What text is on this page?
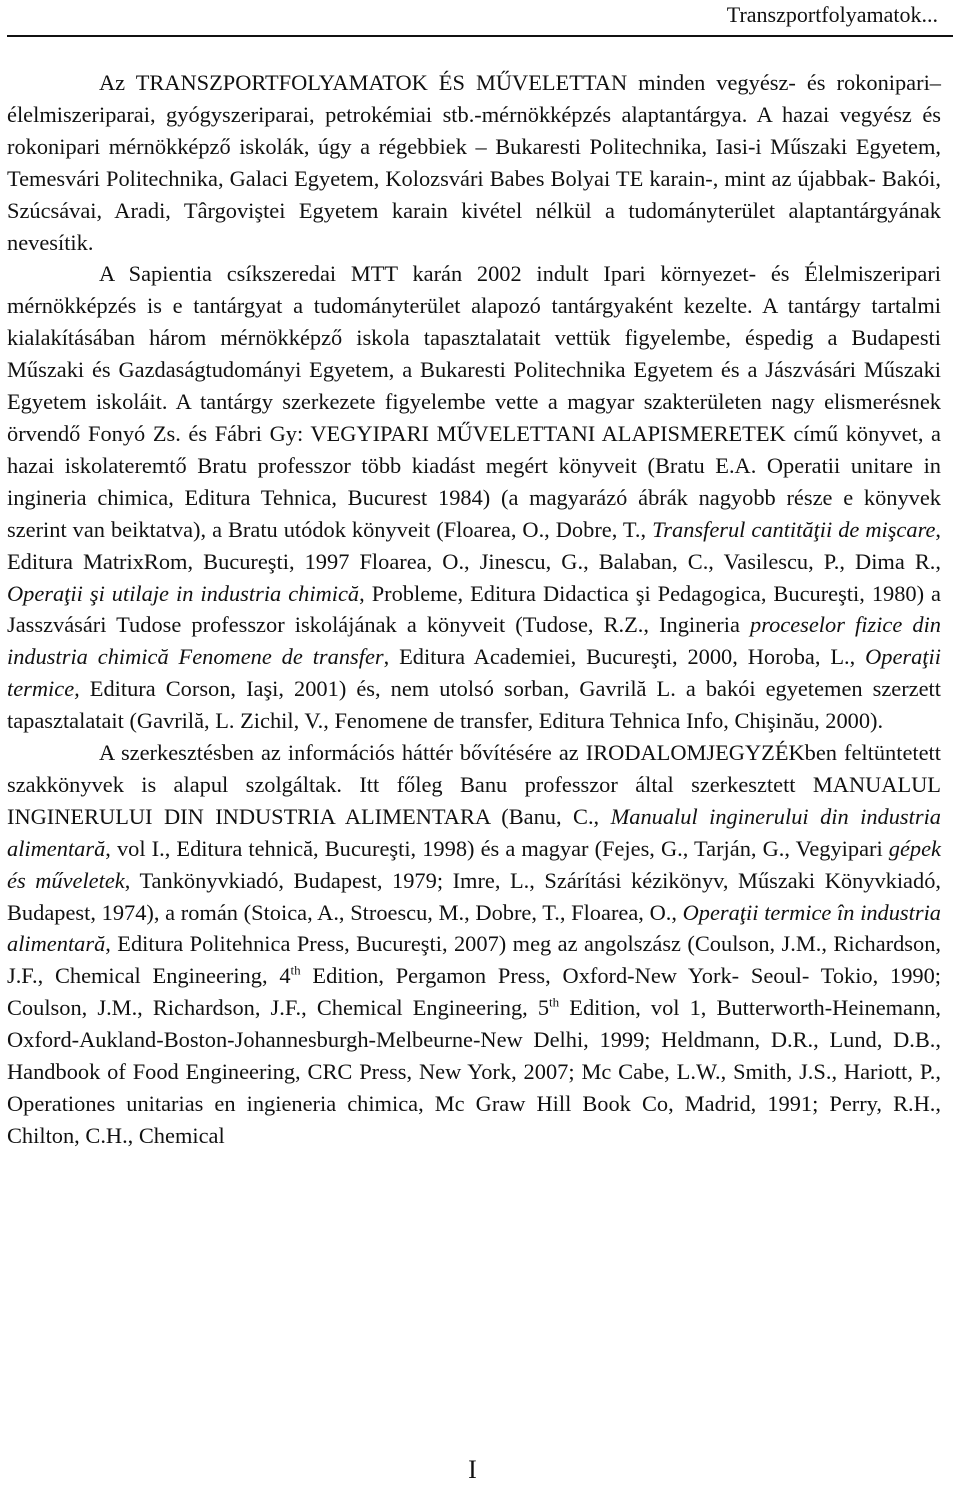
Transzportfolyamatok...

Az TRANSZPORTFOLYAMATOK ÉS MŰVELETTAN minden vegyész- és rokonipari– élelmiszeriparai, gyógyszeriparai, petrokémiai stb.-mérnökképzés alaptantárgya. A hazai vegyész és rokonipari mérnökképző iskolák, úgy a régebbiek – Bukaresti Politechnika, Iasi-i Műszaki Egyetem, Temesvári Politechnika, Galaci Egyetem, Kolozsvári Babes Bolyai TE karain-, mint az újabbak- Bakói, Szúcsávai, Aradi, Târgoviştei Egyetem karain kivétel nélkül a tudományterület alaptantárgyának nevesítik.

A Sapientia csíkszeredai MTT karán 2002 indult Ipari környezet- és Élelmiszeripari mérnökképzés is e tantárgyat a tudományterület alapozó tantárgyaként kezelte. A tantárgy tartalmi kialakításában három mérnökképző iskola tapasztalatait vettük figyelembe, éspedig a Budapesti Műszaki és Gazdaságtudományi Egyetem, a Bukaresti Politechnika Egyetem és a Jászvásári Műszaki Egyetem iskoláit. A tantárgy szerkezete figyelembe vette a magyar szakterületen nagy elismerésnek örvendő Fonyó Zs. és Fábri Gy: VEGYIPARI MŰVELETTANI ALAPISMERETEK című könyvet, a hazai iskolateremtő Bratu professzor több kiadást megért könyveit (Bratu E.A. Operatii unitare in ingineria chimica, Editura Tehnica, Bucurest 1984) (a magyarázó ábrák nagyobb része e könyvek szerint van beiktatva), a Bratu utódok könyveit (Floarea, O., Dobre, T., Transferul cantităţii de mişcare, Editura MatrixRom, Bucureşti, 1997 Floarea, O., Jinescu, G., Balaban, C., Vasilescu, P., Dima R., Operaţii şi utilaje in industria chimică, Probleme, Editura Didactica şi Pedagogica, Bucureşti, 1980) a Jasszvásári Tudose professzor iskolájának a könyveit (Tudose, R.Z., Ingineria proceselor fizice din industria chimică Fenomene de transfer, Editura Academiei, Bucureşti, 2000, Horoba, L., Operaţii termice, Editura Corson, Iaşi, 2001) és, nem utolsó sorban, Gavrilă L. a bakói egyetemen szerzett tapasztalatait (Gavrilă, L. Zichil, V., Fenomene de transfer, Editura Tehnica Info, Chişinău, 2000).

A szerkesztésben az információs háttér bővítésére az IRODALOMJEGYZÉKben feltüntetett szakkönyvek is alapul szolgáltak. Itt főleg Banu professzor által szerkesztett MANUALUL INGINERULUI DIN INDUSTRIA ALIMENTARA (Banu, C., Manualul inginerului din industria alimentară, vol I., Editura tehnică, Bucureşti, 1998) és a magyar (Fejes, G., Tarján, G., Vegyipari gépek és műveletek, Tankönyvkiadó, Budapest, 1979; Imre, L., Szárítási kézikönyv, Műszaki Könyvkiadó, Budapest, 1974), a román (Stoica, A., Stroescu, M., Dobre, T., Floarea, O., Operaţii termice în industria alimentară, Editura Politehnica Press, Bucureşti, 2007) meg az angolszász (Coulson, J.M., Richardson, J.F., Chemical Engineering, 4th Edition, Pergamon Press, Oxford-New York- Seoul- Tokio, 1990; Coulson, J.M., Richardson, J.F., Chemical Engineering, 5th Edition, vol 1, Butterworth-Heinemann, Oxford-Aukland-Boston-Johannesburgh-Melbeurne-New Delhi, 1999; Heldmann, D.R., Lund, D.B., Handbook of Food Engineering, CRC Press, New York, 2007; Mc Cabe, L.W., Smith, J.S., Hariott, P., Operationes unitarias en ingieneria chimica, Mc Graw Hill Book Co, Madrid, 1991; Perry, R.H., Chilton, C.H., Chemical

I
